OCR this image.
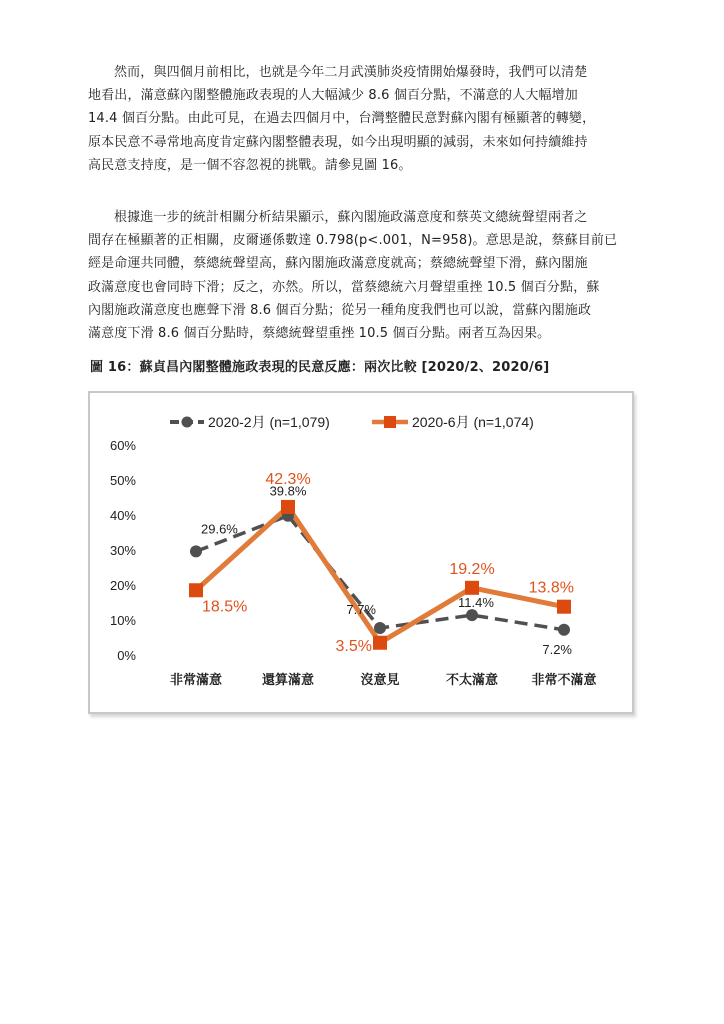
然而，與四個月前相比，也就是今年二月武漢肺炎疫情開始爆發時，我們可以清楚
地看出，滿意蘇內閣整體施政表現的人大幅減少 8.6 個百分點，不滿意的人大幅增加
14.4 個百分點。由此可見，在過去四個月中，台灣整體民意對蘇內閣有極顯著的轉變，
原本民意不尋常地高度肯定蘇內閣整體表現，如今出現明顯的減弱，未來如何持續維持
高民意支持度，是一個不容忽視的挑戰。請參見圖 16。
根據進一步的統計相關分析結果顯示，蘇內閣施政滿意度和蔡英文總統聲望兩者之
間存在極顯著的正相關，皮爾遜係數達 0.798(p<.001，N=958)。意思是說，蔡蘇目前已
經是命運共同體，蔡總統聲望高，蘇內閣施政滿意度就高；蔡總統聲望下滑，蘇內閣施
政滿意度也會同時下滑；反之，亦然。所以，當蔡總統六月聲望重挫 10.5 個百分點，蘇
內閣施政滿意度也應聲下滑 8.6 個百分點；從另一種角度我們也可以說，當蘇內閣施政
滿意度下滑 8.6 個百分點時，蔡總統聲望重挫 10.5 個百分點。兩者互為因果。

圖 16：蘇貞昌內閣整體施政表現的民意反應：兩次比較 [2020/2、2020/6]

0%
10%
20%
30%
40%
50%
60%
非常滿意	還算滿意	沒意見	不太滿意	非常不滿意
2020-2月 (n=1,079)	2020-6月 (n=1,074)
29.6%
39.8%
7.7%	11.4%
7.2%
18.5%
42.3%
3.5%
19.2%
13.8%
